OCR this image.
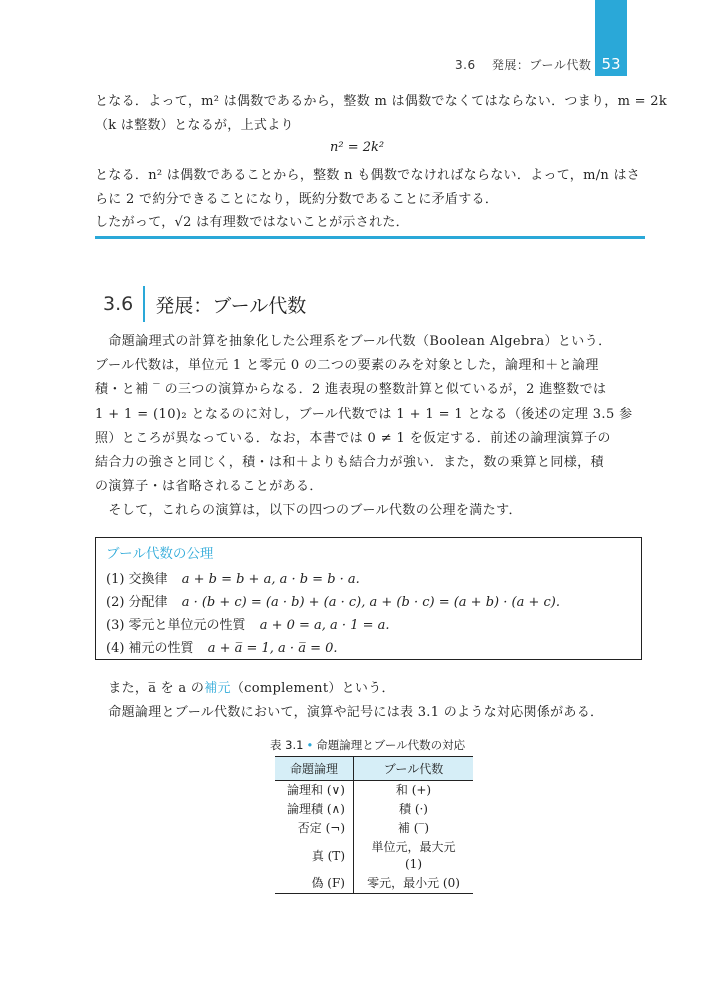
53
3.6 発展：ブール代数
となる．よって，m² は偶数であるから，整数 m は偶数でなくてはならない．つまり，m = 2k
（k は整数）となるが，上式より
n² = 2k²
となる．n² は偶数であることから，整数 n も偶数でなければならない．よって，m/n はさ
らに 2 で約分できることになり，既約分数であることに矛盾する．
したがって，√2 は有理数ではないことが示された．
3.6 発展：ブール代数

　命題論理式の計算を抽象化した公理系をブール代数（Boolean Algebra）という．

ブール代数は，単位元 1 と零元 0 の二つの要素のみを対象とした，論理和＋と論理

積・と補 ‾ の三つの演算からなる．2 進表現の整数計算と似ているが，2 進整数では

1 + 1 = (10)₂ となるのに対し，ブール代数では 1 + 1 = 1 となる（後述の定理 3.5 参

照）ところが異なっている．なお，本書では 0 ≠ 1 を仮定する．前述の論理演算子の

結合力の強さと同じく，積・は和＋よりも結合力が強い．また，数の乗算と同様，積

の演算子・は省略されることがある．

　そして，これらの演算は，以下の四つのブール代数の公理を満たす．

ブール代数の公理
(1) 交換律 a + b = b + a, a · b = b · a.
(2) 分配律 a · (b + c) = (a · b) + (a · c), a + (b · c) = (a + b) · (a + c).
(3) 零元と単位元の性質 a + 0 = a, a · 1 = a.
(4) 補元の性質 a + a̅ = 1, a · a̅ = 0.
　また，a̅ を a の補元（complement）という．
　命題論理とブール代数において，演算や記号には表 3.1 のような対応関係がある．
表 3.1 • 命題論理とブール代数の対応
命題論理	ブール代数
論理和 (∨)	和 (+)
論理積 (∧)	積 (·)
否定 (¬)	補 (‾)
真 (T)	単位元，最大元 (1)
偽 (F)	零元，最小元 (0)
